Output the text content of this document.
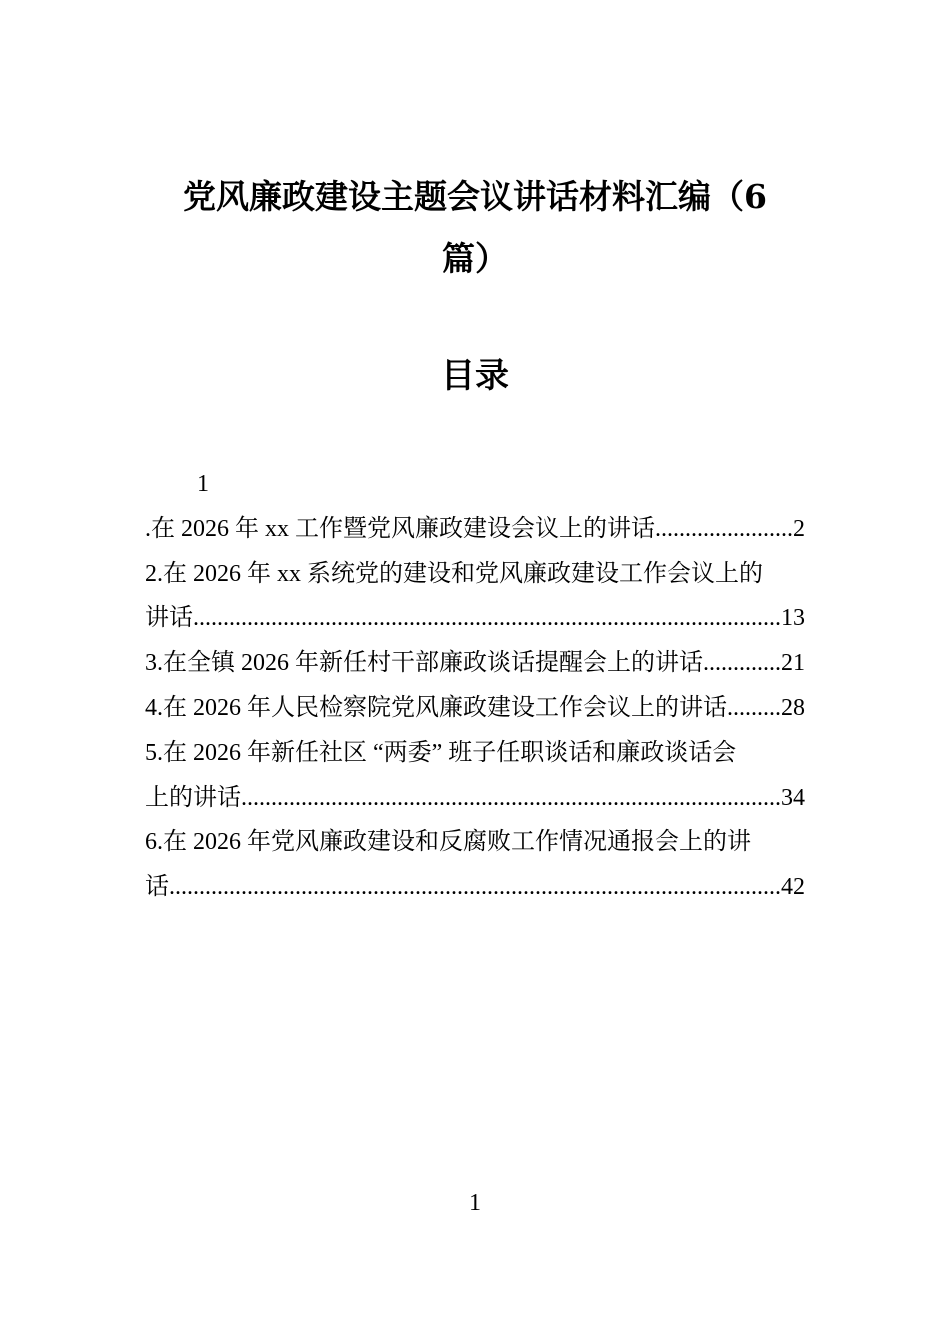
党风廉政建设主题会议讲话材料汇编（6
篇）
目录
1
.在 2026 年 xx 工作暨党风廉政建设会议上的讲话 .....	2
2.在 2026 年 xx 系统党的建设和党风廉政建设工作会议上的
讲话 .....	13
3.在全镇 2026 年新任村干部廉政谈话提醒会上的讲话 .....	21
4.在 2026 年人民检察院党风廉政建设工作会议上的讲话 ..... 28
5.在 2026 年新任社区 “两委” 班子任职谈话和廉政谈话会
上的讲话 .....	34
6.在 2026 年党风廉政建设和反腐败工作情况通报会上的讲
话 .....	42
1
